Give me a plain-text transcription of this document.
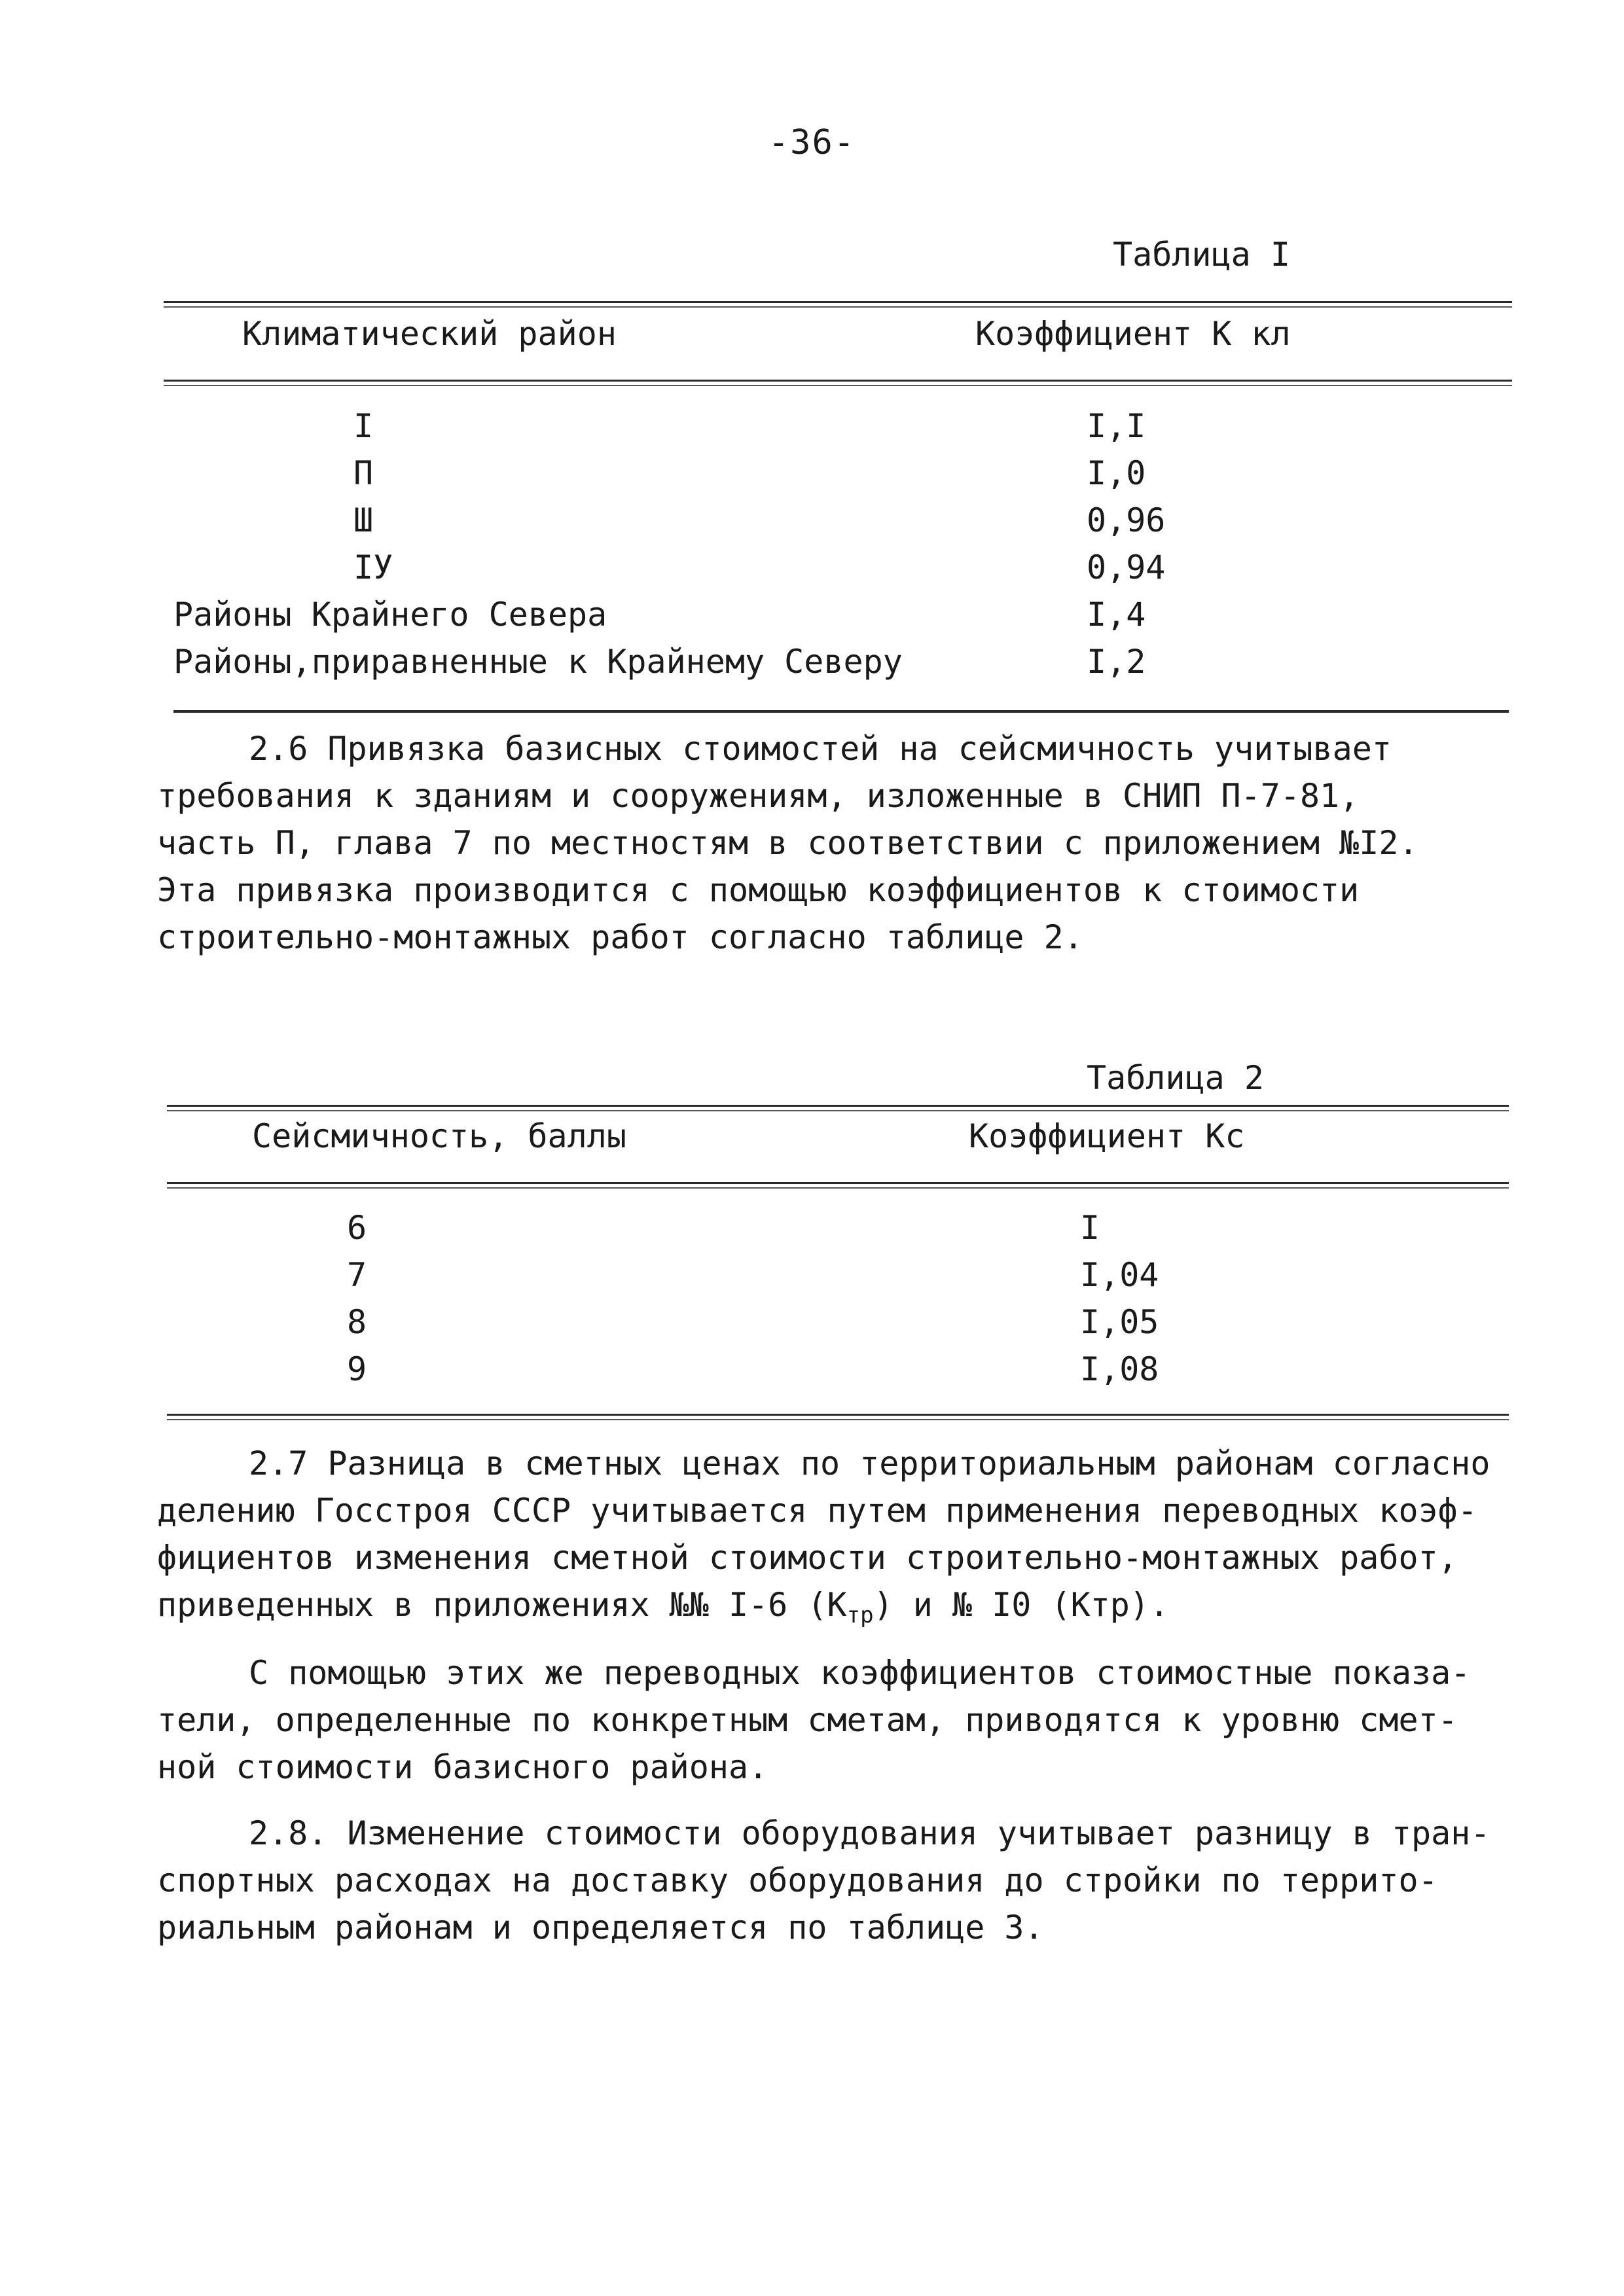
-36-
Таблица I
Климатический район	Коэффициент К кл
I	I,I
П	I,0
Ш	0,96
IУ	0,94
Районы Крайнего Севера	I,4
Районы,приравненные к Крайнему Северу	I,2
2.6 Привязка базисных стоимостей на сейсмичность учитывает
требования к зданиям и сооружениям, изложенные в СНИП П-7-81,
часть П, глава 7 по местностям в соответствии с приложением №I2.
Эта привязка производится с помощью коэффициентов к стоимости
строительно-монтажных работ согласно таблице 2.
Таблица 2
Сейсмичность, баллы	Коэффициент Кс
6	I
7	I,04
8	I,05
9	I,08
2.7 Разница в сметных ценах по территориальным районам согласно
делению Госстроя СССР учитывается путем применения переводных коэф-
фициентов изменения сметной стоимости строительно-монтажных работ,
приведенных в приложениях №№ I-6 $(К_{тр})$ и № I0 (Ктр).
С помощью этих же переводных коэффициентов стоимостные показа-
тели, определенные по конкретным сметам, приводятся к уровню смет-
ной стоимости базисного района.
2.8. Изменение стоимости оборудования учитывает разницу в тран-
спортных расходах на доставку оборудования до стройки по террито-
риальным районам и определяется по таблице 3.
